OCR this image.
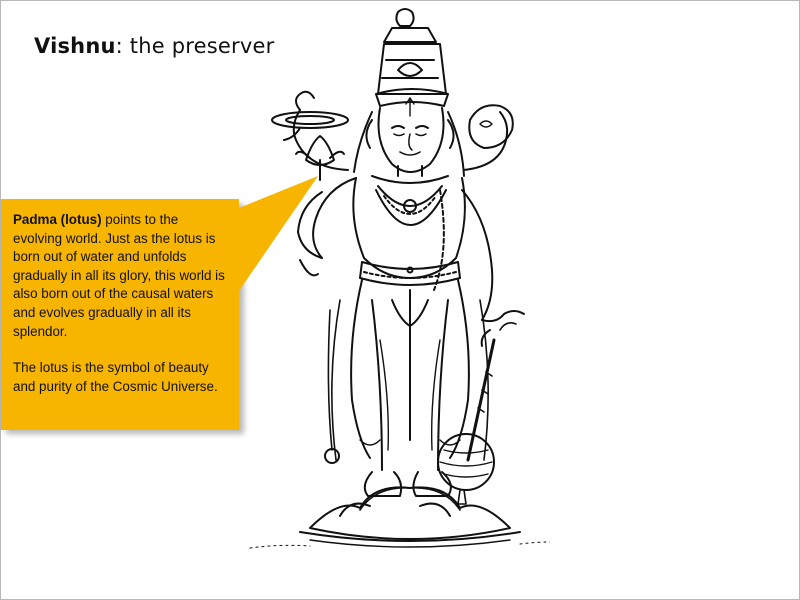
Vishnu: the preserver

Padma (lotus) points to the evolving world. Just as the lotus is born out of water and unfolds gradually in all its glory, this world is also born out of the causal waters and evolves gradually in all its splendor.

The lotus is the symbol of beauty and purity of the Cosmic Universe.
